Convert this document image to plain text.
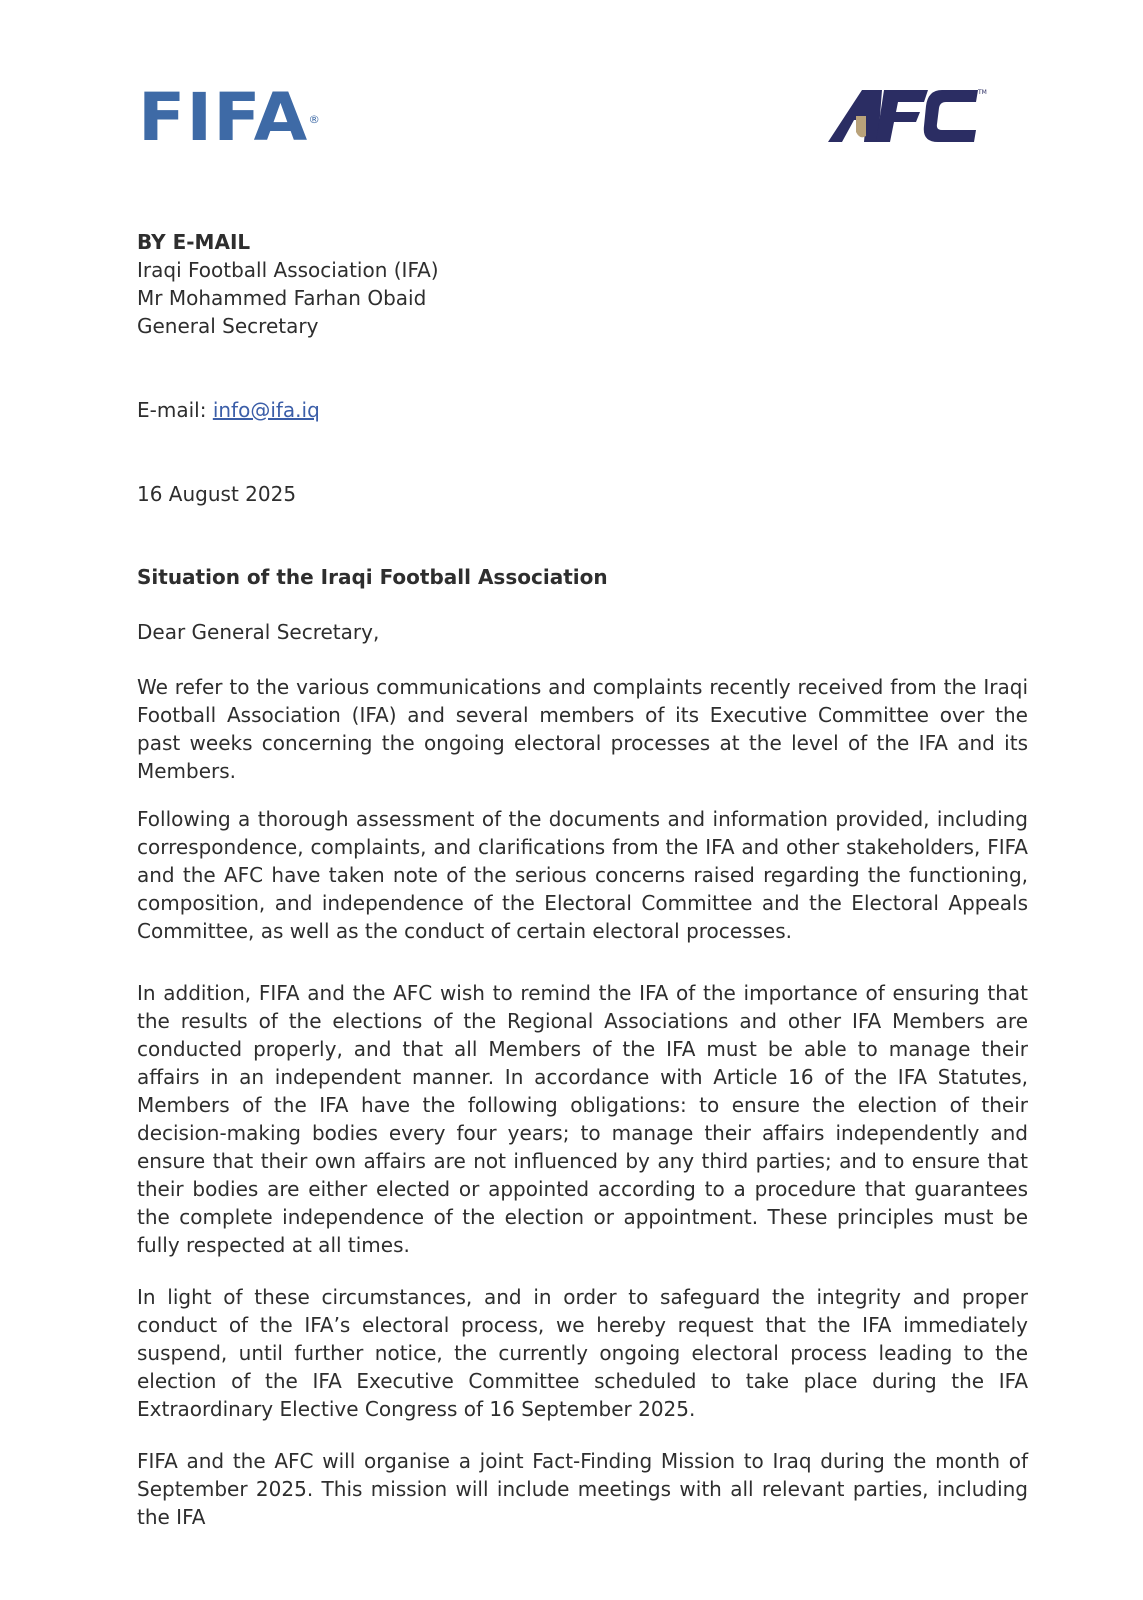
FIFA ®
TM

BY E-MAIL

Iraqi Football Association (IFA)

Mr Mohammed Farhan Obaid

General Secretary

E-mail: info@ifa.iq

16 August 2025

Situation of the Iraqi Football Association

Dear General Secretary,

We refer to the various communications and complaints recently received from the Iraqi Football Association (IFA) and several members of its Executive Committee over the past weeks concerning the ongoing electoral processes at the level of the IFA and its Members.

Following a thorough assessment of the documents and information provided, including correspondence, complaints, and clarifications from the IFA and other stakeholders, FIFA and the AFC have taken note of the serious concerns raised regarding the functioning, composition, and independence of the Electoral Committee and the Electoral Appeals Committee, as well as the conduct of certain electoral processes.

In addition, FIFA and the AFC wish to remind the IFA of the importance of ensuring that the results of the elections of the Regional Associations and other IFA Members are conducted properly, and that all Members of the IFA must be able to manage their affairs in an independent manner. In accordance with Article 16 of the IFA Statutes, Members of the IFA have the following obligations: to ensure the election of their decision-making bodies every four years; to manage their affairs independently and ensure that their own affairs are not influenced by any third parties; and to ensure that their bodies are either elected or appointed according to a procedure that guarantees the complete independence of the election or appointment. These principles must be fully respected at all times.

In light of these circumstances, and in order to safeguard the integrity and proper conduct of the IFA’s electoral process, we hereby request that the IFA immediately suspend, until further notice, the currently ongoing electoral process leading to the election of the IFA Executive Committee scheduled to take place during the IFA Extraordinary Elective Congress of 16 September 2025.

FIFA and the AFC will organise a joint Fact-Finding Mission to Iraq during the month of September 2025. This mission will include meetings with all relevant parties, including the IFA
